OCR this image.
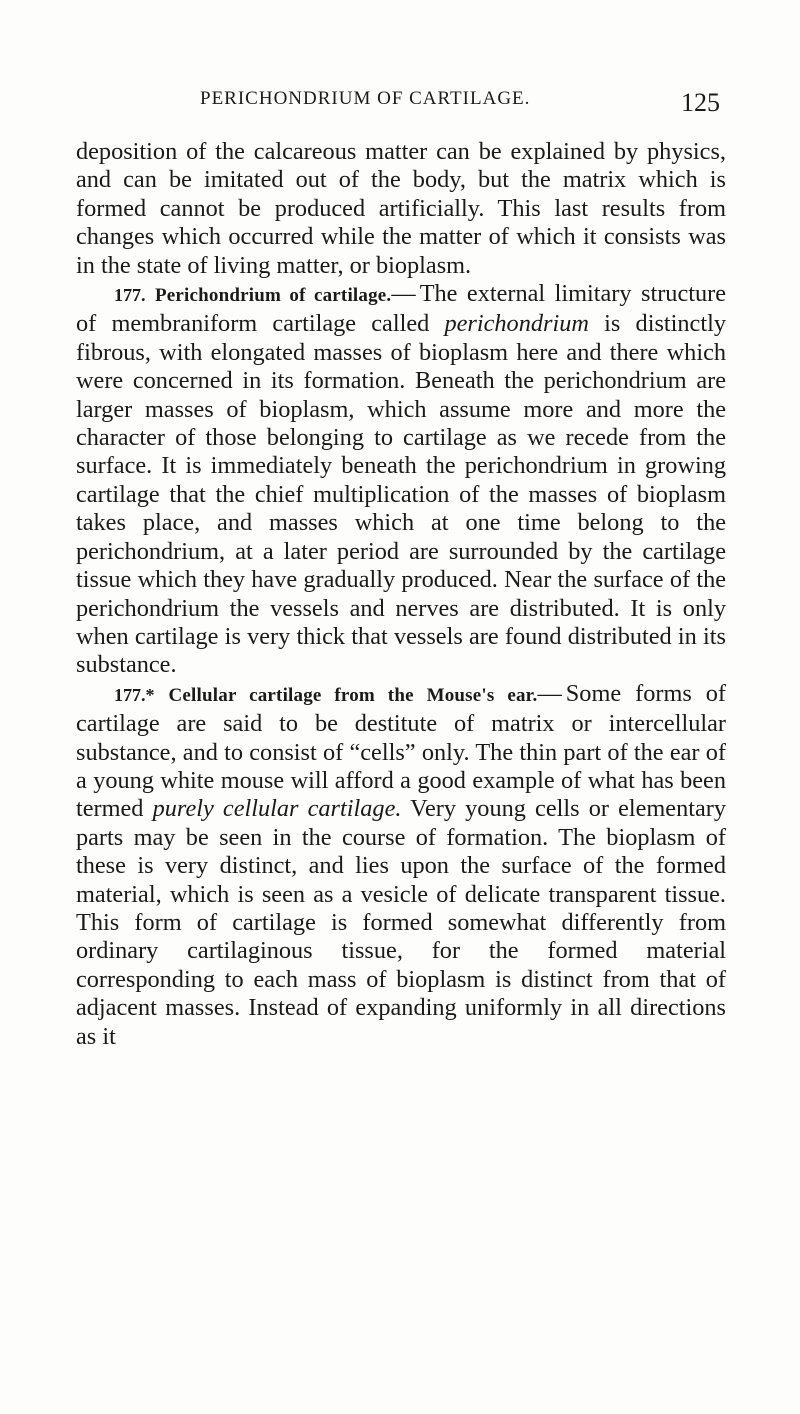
PERICHONDRIUM OF CARTILAGE.	125

deposition of the calcareous matter can be explained by physics, and can be imitated out of the body, but the matrix which is formed cannot be produced artificially. This last results from changes which occurred while the matter of which it consists was in the state of living matter, or bioplasm.

177. Perichondrium of cartilage.— The external limitary structure of membraniform cartilage called perichondrium is distinctly fibrous, with elongated masses of bioplasm here and there which were concerned in its formation. Beneath the perichondrium are larger masses of bioplasm, which assume more and more the character of those belonging to cartilage as we recede from the surface. It is immediately beneath the perichondrium in growing cartilage that the chief multiplication of the masses of bioplasm takes place, and masses which at one time belong to the perichondrium, at a later period are surrounded by the cartilage tissue which they have gradually produced. Near the surface of the perichondrium the vessels and nerves are distributed. It is only when cartilage is very thick that vessels are found distributed in its substance.

177.* Cellular cartilage from the Mouse's ear.— Some forms of cartilage are said to be destitute of matrix or intercellular substance, and to consist of “cells” only. The thin part of the ear of a young white mouse will afford a good example of what has been termed purely cellular cartilage. Very young cells or elementary parts may be seen in the course of formation. The bioplasm of these is very distinct, and lies upon the surface of the formed material, which is seen as a vesicle of delicate transparent tissue. This form of cartilage is formed somewhat differently from ordinary cartilaginous tissue, for the formed material corresponding to each mass of bioplasm is distinct from that of adjacent masses. Instead of expanding uniformly in all directions as it
